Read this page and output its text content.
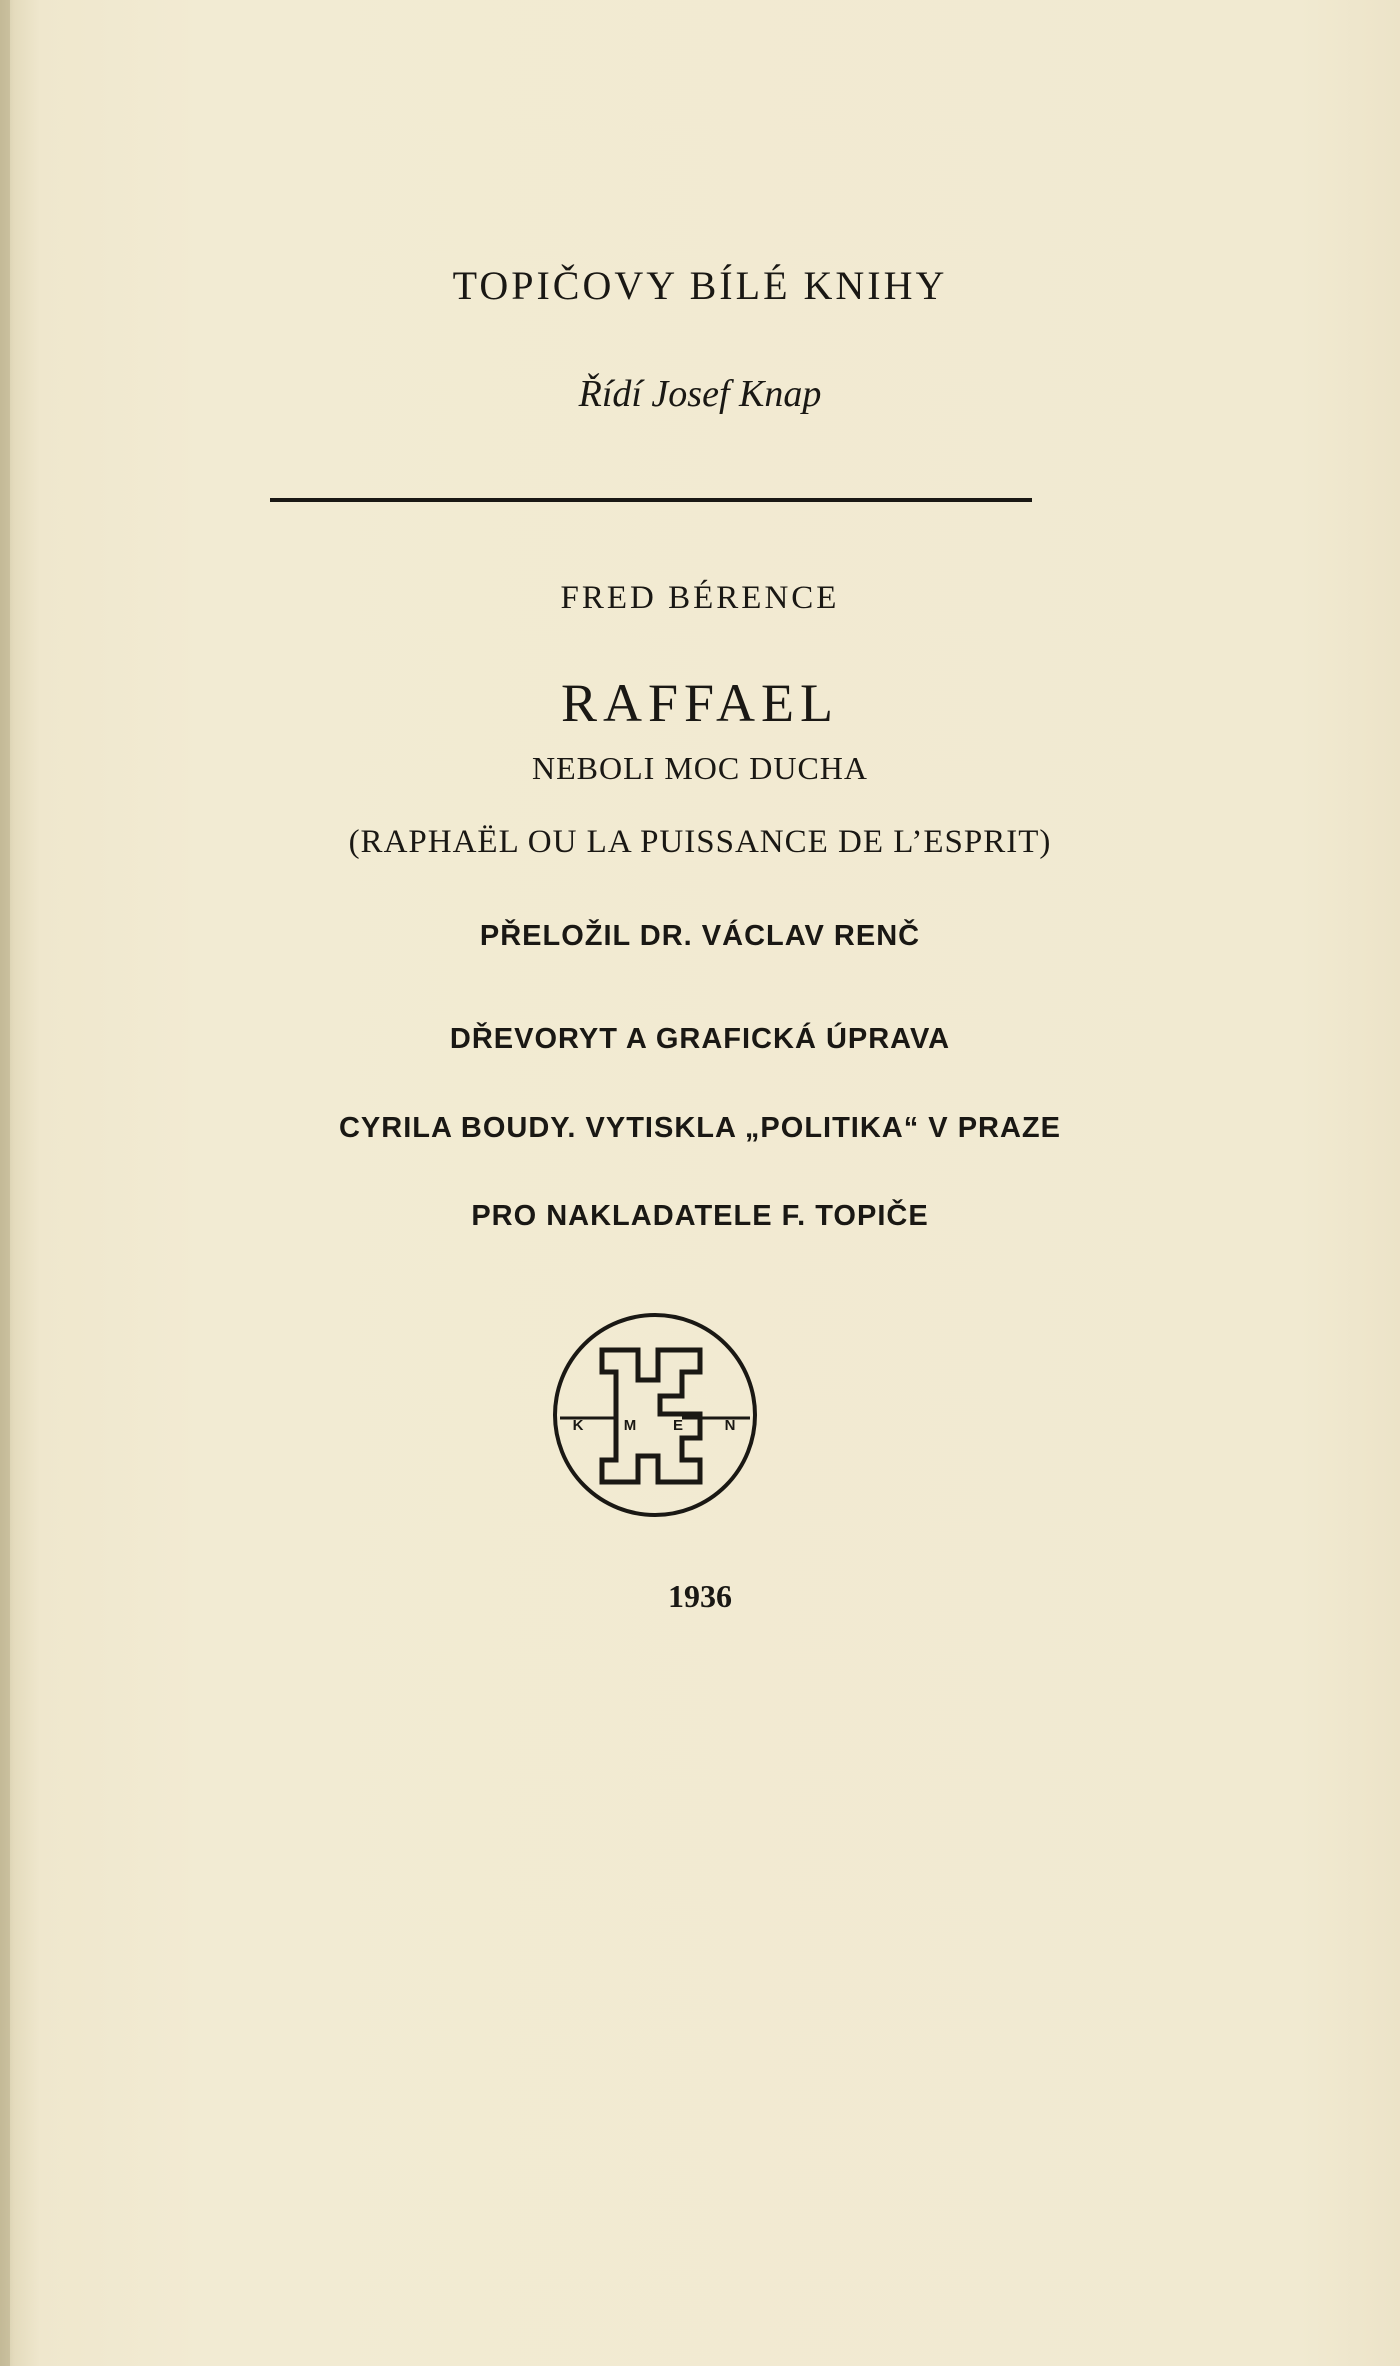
TOPIČOVY BÍLÉ KNIHY
Řídí Josef Knap
FRED BÉRENCE
RAFFAEL
NEBOLI MOC DUCHA
(RAPHAËL OU LA PUISSANCE DE L’ESPRIT)
PŘELOŽIL DR. VÁCLAV RENČ
DŘEVORYT A GRAFICKÁ ÚPRAVA
CYRILA BOUDY. VYTISKLA „POLITIKA“ V PRAZE
PRO NAKLADATELE F. TOPIČE
K	M E	N
1936
